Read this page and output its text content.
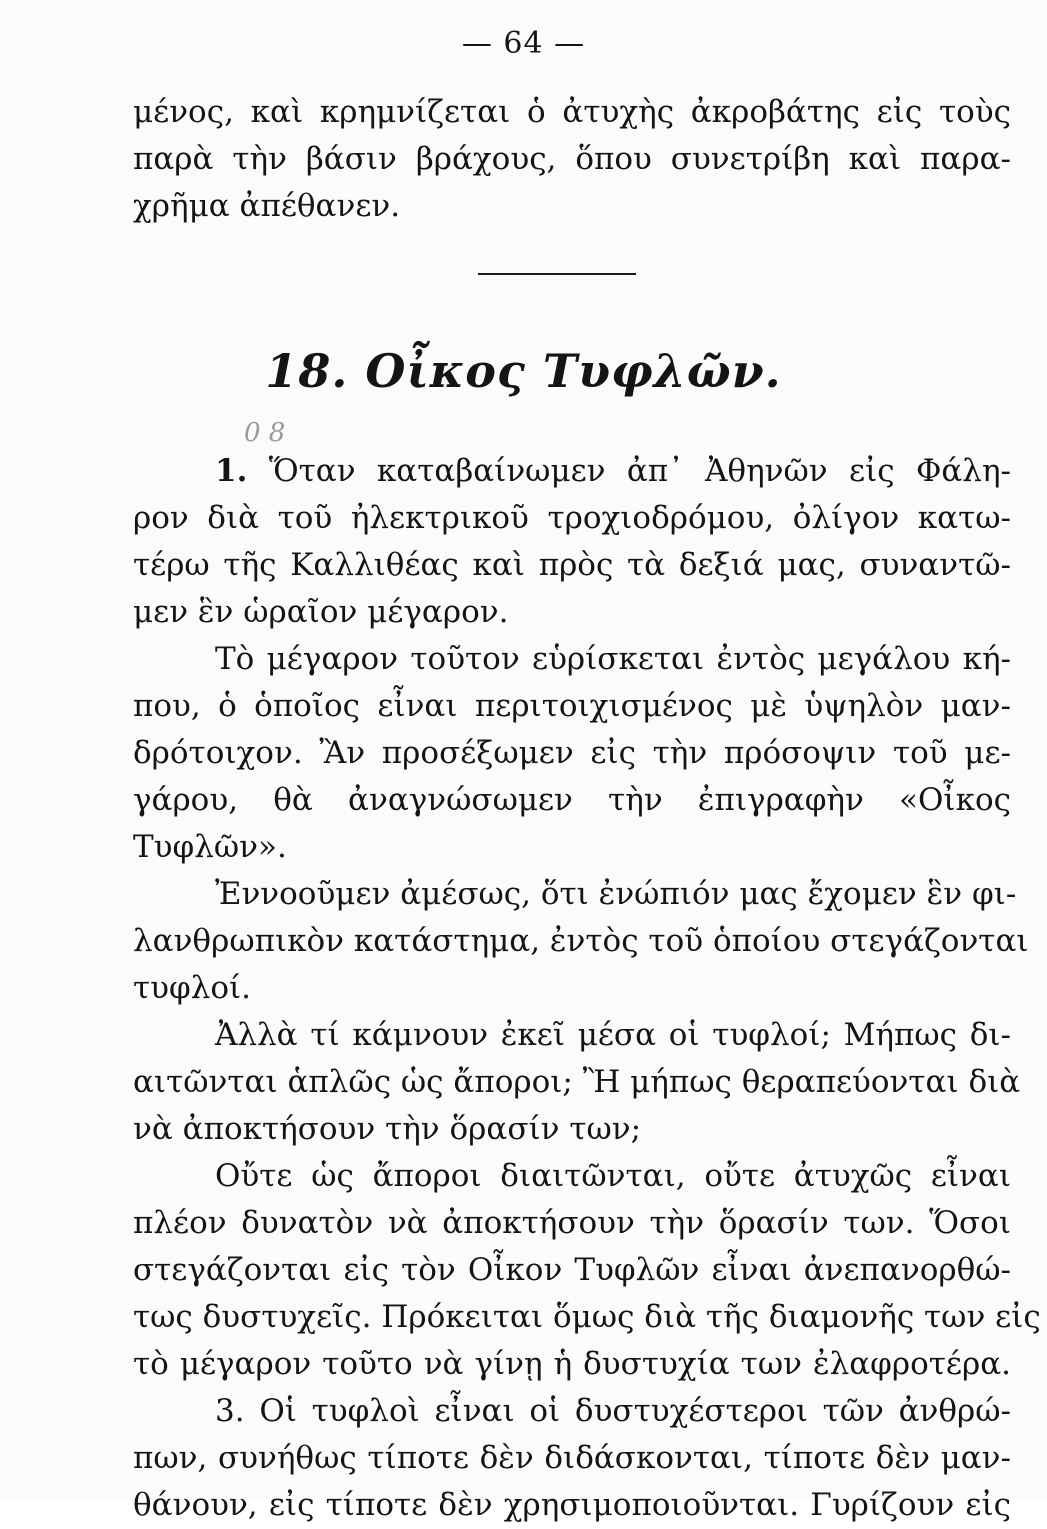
— 64 —
μένος, καὶ κρημνίζεται ὁ ἀτυχὴς ἀκροβάτης εἰς τοὺς
παρὰ τὴν βάσιν βράχους, ὅπου συνετρίβη καὶ παρα-
χρῆμα ἀπέθανεν.
18. Οἶκος Τυφλῶν.
0 8
1. Ὅταν καταβαίνωμεν ἀπ᾿ Ἀθηνῶν εἰς Φάλη-
ρον διὰ τοῦ ἠλεκτρικοῦ τροχιοδρόμου, ὀλίγον κατω-
τέρω τῆς Καλλιθέας καὶ πρὸς τὰ δεξιά μας, συναντῶ-
μεν ἓν ὡραῖον μέγαρον.
Τὸ μέγαρον τοῦτον εὑρίσκεται ἐντὸς μεγάλου κή-
που, ὁ ὁποῖος εἶναι περιτοιχισμένος μὲ ὑψηλὸν μαν-
δρότοιχον. Ἂν προσέξωμεν εἰς τὴν πρόσοψιν τοῦ με-
γάρου, θὰ ἀναγνώσωμεν τὴν ἐπιγραφὴν «Οἶκος
Τυφλῶν».
Ἐννοοῦμεν ἀμέσως, ὅτι ἐνώπιόν μας ἔχομεν ἓν φι-
λανθρωπικὸν κατάστημα, ἐντὸς τοῦ ὁποίου στεγάζονται
τυφλοί.
Ἀλλὰ τί κάμνουν ἐκεῖ μέσα οἱ τυφλοί; Μήπως δι-
αιτῶνται ἁπλῶς ὡς ἄποροι; Ἢ μήπως θεραπεύονται διὰ
νὰ ἀποκτήσουν τὴν ὅρασίν των;
Οὔτε ὡς ἄποροι διαιτῶνται, οὔτε ἀτυχῶς εἶναι
πλέον δυνατὸν νὰ ἀποκτήσουν τὴν ὅρασίν των. Ὅσοι
στεγάζονται εἰς τὸν Οἶκον Τυφλῶν εἶναι ἀνεπανορθώ-
τως δυστυχεῖς. Πρόκειται ὅμως διὰ τῆς διαμονῆς των εἰς
τὸ μέγαρον τοῦτο νὰ γίνῃ ἡ δυστυχία των ἐλαφροτέρα.
3. Οἱ τυφλοὶ εἶναι οἱ δυστυχέστεροι τῶν ἀνθρώ-
πων, συνήθως τίποτε δὲν διδάσκονται, τίποτε δὲν μαν-
θάνουν, εἰς τίποτε δὲν χρησιμοποιοῦνται. Γυρίζουν εἰς
